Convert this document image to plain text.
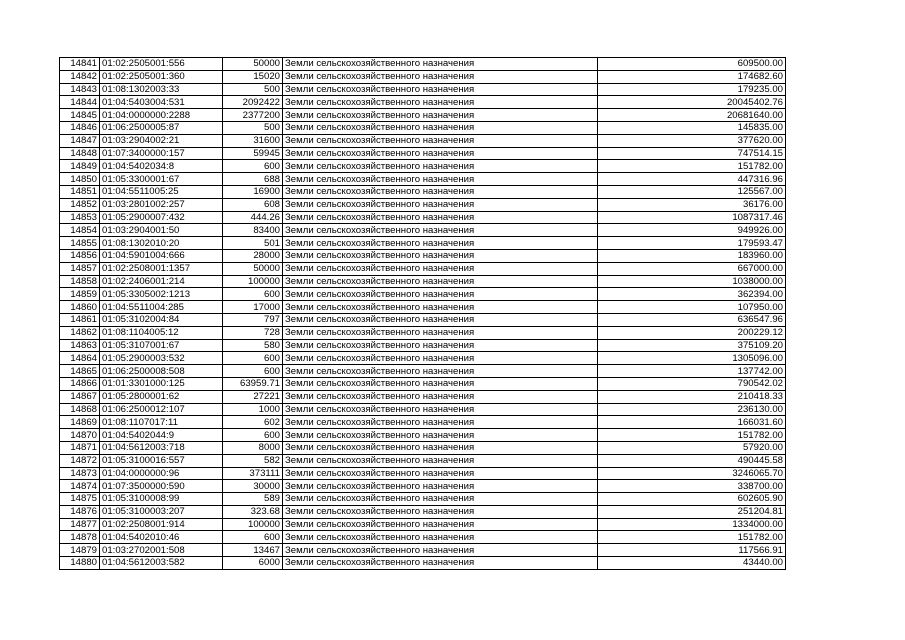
14841	01:02:2505001:556	50000	Земли сельскохозяйственного назначения	609500.00
14842	01:02:2505001:360	15020	Земли сельскохозяйственного назначения	174682.60
14843	01:08:1302003:33	500	Земли сельскохозяйственного назначения	179235.00
14844	01:04:5403004:531	2092422	Земли сельскохозяйственного назначения	20045402.76
14845	01:04:0000000:2288	2377200	Земли сельскохозяйственного назначения	20681640.00
14846	01:06:2500005:87	500	Земли сельскохозяйственного назначения	145835.00
14847	01:03:2904002:21	31600	Земли сельскохозяйственного назначения	377620.00
14848	01:07:3400000:157	59945	Земли сельскохозяйственного назначения	747514.15
14849	01:04:5402034:8	600	Земли сельскохозяйственного назначения	151782.00
14850	01:05:3300001:67	688	Земли сельскохозяйственного назначения	447316.96
14851	01:04:5511005:25	16900	Земли сельскохозяйственного назначения	125567.00
14852	01:03:2801002:257	608	Земли сельскохозяйственного назначения	36176.00
14853	01:05:2900007:432	444.26	Земли сельскохозяйственного назначения	1087317.46
14854	01:03:2904001:50	83400	Земли сельскохозяйственного назначения	949926.00
14855	01:08:1302010:20	501	Земли сельскохозяйственного назначения	179593.47
14856	01:04:5901004:666	28000	Земли сельскохозяйственного назначения	183960.00
14857	01:02:2508001:1357	50000	Земли сельскохозяйственного назначения	667000.00
14858	01:02:2406001:214	100000	Земли сельскохозяйственного назначения	1038000.00
14859	01:05:3305002:1213	600	Земли сельскохозяйственного назначения	362394.00
14860	01:04:5511004:285	17000	Земли сельскохозяйственного назначения	107950.00
14861	01:05:3102004:84	797	Земли сельскохозяйственного назначения	636547.96
14862	01:08:1104005:12	728	Земли сельскохозяйственного назначения	200229.12
14863	01:05:3107001:67	580	Земли сельскохозяйственного назначения	375109.20
14864	01:05:2900003:532	600	Земли сельскохозяйственного назначения	1305096.00
14865	01:06:2500008:508	600	Земли сельскохозяйственного назначения	137742.00
14866	01:01:3301000:125	63959.71	Земли сельскохозяйственного назначения	790542.02
14867	01:05:2800001:62	27221	Земли сельскохозяйственного назначения	210418.33
14868	01:06:2500012:107	1000	Земли сельскохозяйственного назначения	236130.00
14869	01:08:1107017:11	602	Земли сельскохозяйственного назначения	166031.60
14870	01:04:5402044:9	600	Земли сельскохозяйственного назначения	151782.00
14871	01:04:5612003:718	8000	Земли сельскохозяйственного назначения	57920.00
14872	01:05:3100016:557	582	Земли сельскохозяйственного назначения	490445.58
14873	01:04:0000000:96	373111	Земли сельскохозяйственного назначения	3246065.70
14874	01:07:3500000:590	30000	Земли сельскохозяйственного назначения	338700.00
14875	01:05:3100008:99	589	Земли сельскохозяйственного назначения	602605.90
14876	01:05:3100003:207	323.68	Земли сельскохозяйственного назначения	251204.81
14877	01:02:2508001:914	100000	Земли сельскохозяйственного назначения	1334000.00
14878	01:04:5402010:46	600	Земли сельскохозяйственного назначения	151782.00
14879	01:03:2702001:508	13467	Земли сельскохозяйственного назначения	117566.91
14880	01:04:5612003:582	6000	Земли сельскохозяйственного назначения	43440.00
